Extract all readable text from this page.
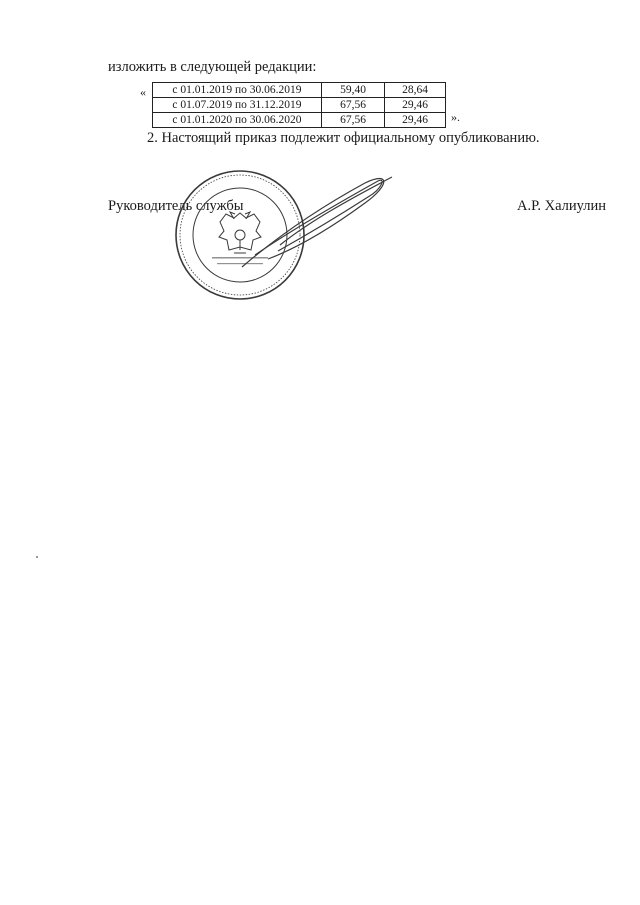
изложить в следующей редакции:
« с 01.01.2019 по 30.06.2019	59,40	28,64
с 01.07.2019 по 31.12.2019	67,56	29,46
с 01.01.2020 по 30.06.2020	67,56	29,46 ».
2. Настоящий приказ подлежит официальному опубликованию.
Руководитель службы	А.Р. Халиулин
